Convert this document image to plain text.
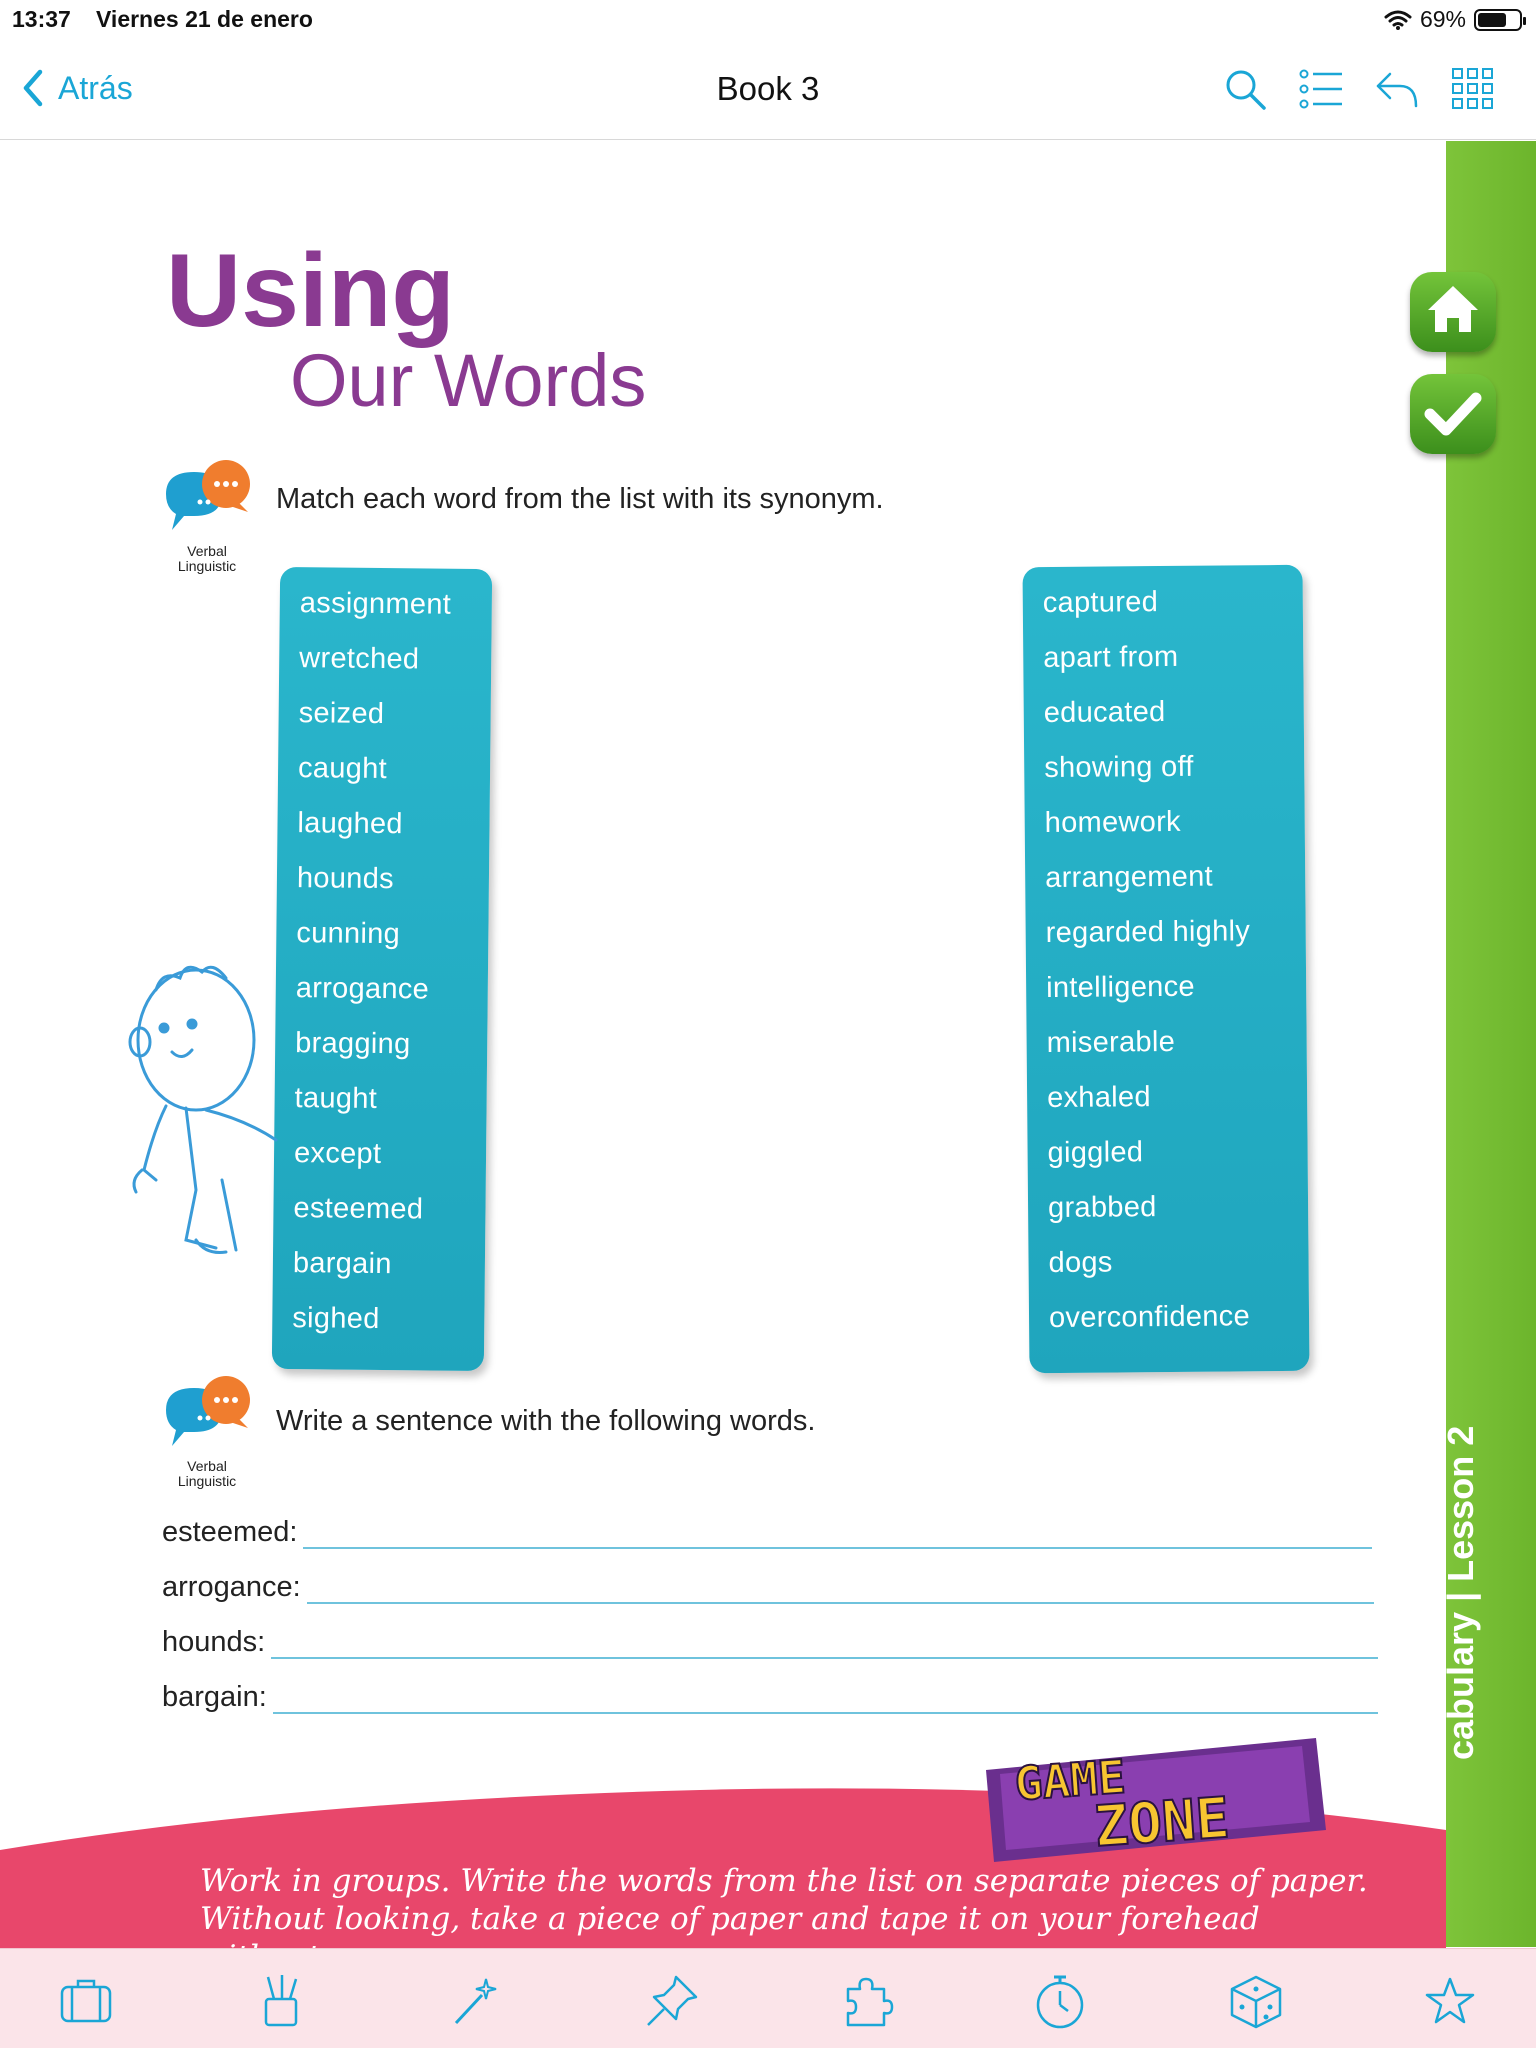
13:37 Viernes 21 de enero	69%
Atrás	Book 3
cabulary | Lesson 2
Using
Our Words
Verbal
Linguistic
Match each word from the list with its synonym.
assignment
wretched
seized
caught
laughed
hounds
cunning
arrogance
bragging
taught
except
esteemed
bargain
sighed
captured
apart from
educated
showing off
homework
arrangement
regarded highly
intelligence
miserable
exhaled
giggled
grabbed
dogs
overconfidence
Verbal
Linguistic
Write a sentence with the following words.
esteemed:
arrogance:
hounds:
bargain:
GAME
ZONE
Work in groups. Write the words from the list on separate pieces of paper.
Without looking, take a piece of paper and tape it on your forehead
